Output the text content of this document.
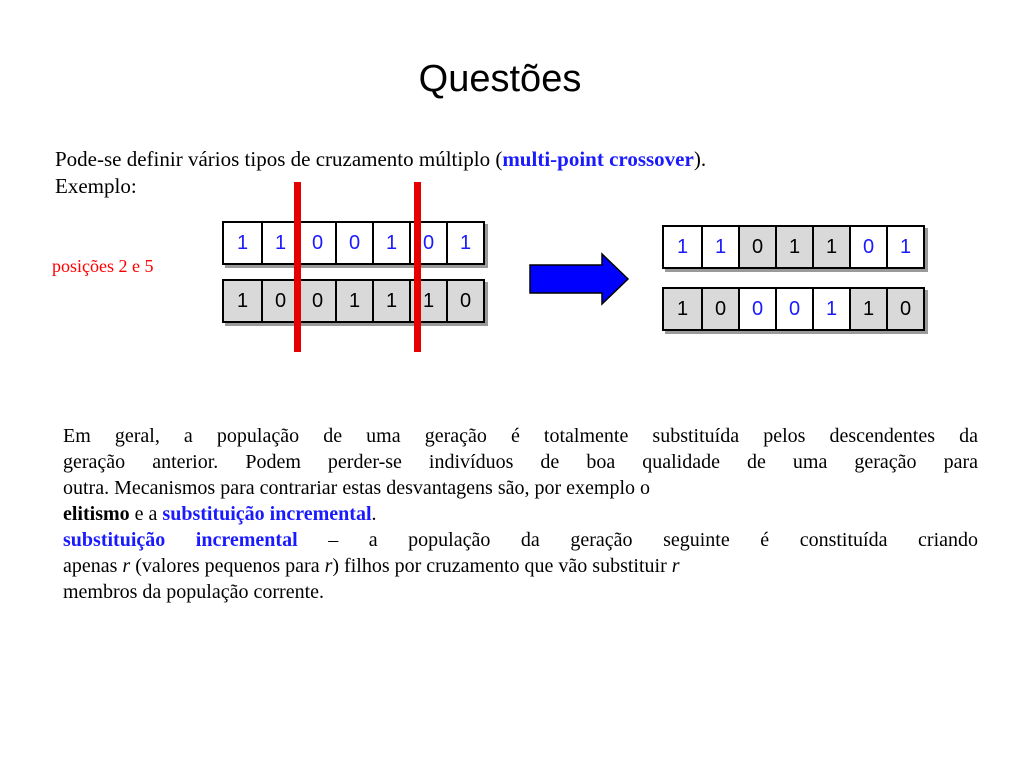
Questões
Pode-se definir vários tipos de cruzamento múltiplo (multi-point crossover).
Exemplo:
posições 2 e 5
1	1	0	0	1	0	1
1	0	0	1	1	1	0
1	1	0	1	1	0	1
1	0	0	0	1	1	0

Em geral, a população de uma geração é totalmente substituída pelos descendentes da

geração anterior. Podem perder-se indivíduos de boa qualidade de uma geração para

outra. Mecanismos para contrariar estas desvantagens são, por exemplo o

elitismo e a substituição incremental.

substituição incremental – a população da geração seguinte é constituída criando

apenas r (valores pequenos para r) filhos por cruzamento que vão substituir r

membros da população corrente.
